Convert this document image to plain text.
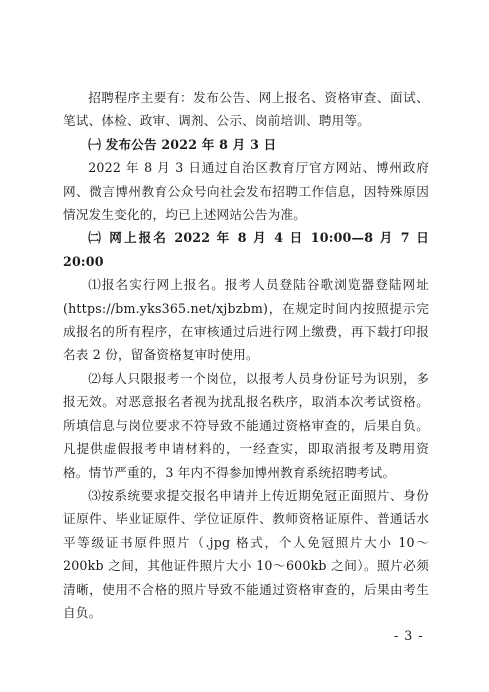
招聘程序主要有：发布公告、网上报名、资格审查、面试、笔试、体检、政审、调剂、公示、岗前培训、聘用等。

㈠ 发布公告 2022 年 8 月 3 日

2022 年 8 月 3 日通过自治区教育厅官方网站、博州政府网、微言博州教育公众号向社会发布招聘工作信息，因特殊原因情况发生变化的，均已上述网站公告为准。

㈡ 网上报名 2022 年 8 月 4 日 10:00—8 月 7 日 20:00

⑴报名实行网上报名。报考人员登陆谷歌浏览器登陆网址(https://bm.yks365.net/xjbzbm)，在规定时间内按照提示完成报名的所有程序，在审核通过后进行网上缴费，再下载打印报名表 2 份，留备资格复审时使用。

⑵每人只限报考一个岗位，以报考人员身份证号为识别，多报无效。对恶意报名者视为扰乱报名秩序，取消本次考试资格。所填信息与岗位要求不符导致不能通过资格审查的，后果自负。凡提供虚假报考申请材料的，一经查实，即取消报考及聘用资格。情节严重的，3 年内不得参加博州教育系统招聘考试。

⑶按系统要求提交报名申请并上传近期免冠正面照片、身份证原件、毕业证原件、学位证原件、教师资格证原件、普通话水平等级证书原件照片（.jpg 格式，个人免冠照片大小 10～200kb 之间，其他证件照片大小 10～600kb 之间）。照片必须清晰，使用不合格的照片导致不能通过资格审查的，后果由考生自负。

- 3 -
